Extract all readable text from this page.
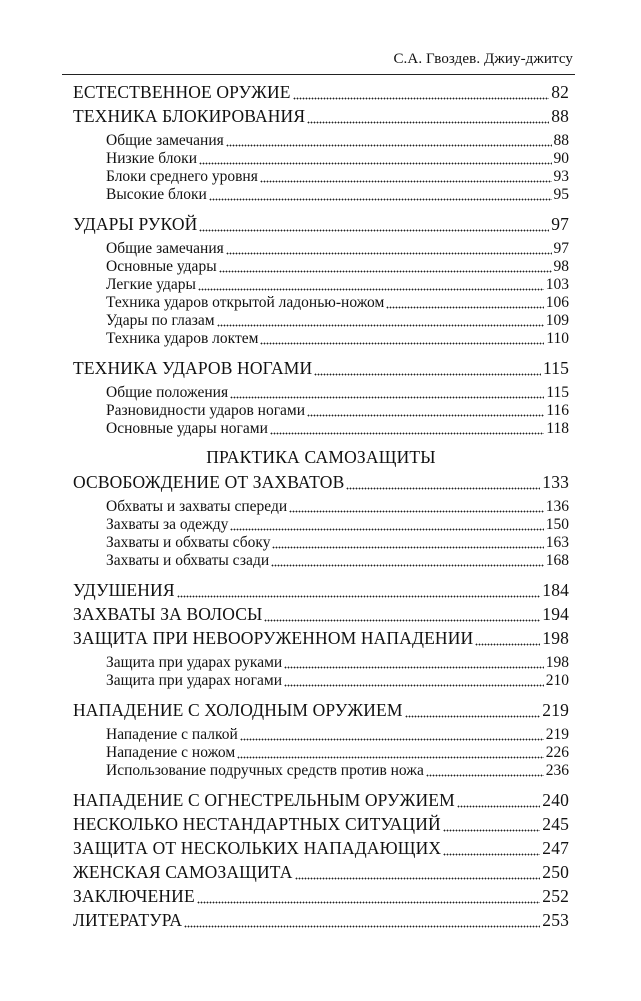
С.А. Гвоздев. Джиу-джитсу
ЕСТЕСТВЕННОЕ ОРУЖИЕ	82
ТЕХНИКА БЛОКИРОВАНИЯ	88
Общие замечания	88
Низкие блоки	90
Блоки среднего уровня	93
Высокие блоки	95
УДАРЫ РУКОЙ	97
Общие замечания	97
Основные удары	98
Легкие удары	103
Техника ударов открытой ладонью-ножом	106
Удары по глазам	109
Техника ударов локтем	110
ТЕХНИКА УДАРОВ НОГАМИ	115
Общие положения	115
Разновидности ударов ногами	116
Основные удары ногами	118
ПРАКТИКА САМОЗАЩИТЫ
ОСВОБОЖДЕНИЕ ОТ ЗАХВАТОВ	133
Обхваты и захваты спереди	136
Захваты за одежду	150
Захваты и обхваты сбоку	163
Захваты и обхваты сзади	168
УДУШЕНИЯ	184
ЗАХВАТЫ ЗА ВОЛОСЫ	194
ЗАЩИТА ПРИ НЕВООРУЖЕННОМ НАПАДЕНИИ	198
Защита при ударах руками	198
Защита при ударах ногами	210
НАПАДЕНИЕ С ХОЛОДНЫМ ОРУЖИЕМ	219
Нападение с палкой	219
Нападение с ножом	226
Использование подручных средств против ножа	236
НАПАДЕНИЕ С ОГНЕСТРЕЛЬНЫМ ОРУЖИЕМ	240
НЕСКОЛЬКО НЕСТАНДАРТНЫХ СИТУАЦИЙ	245
ЗАЩИТА ОТ НЕСКОЛЬКИХ НАПАДАЮЩИХ	247
ЖЕНСКАЯ САМОЗАЩИТА	250
ЗАКЛЮЧЕНИЕ	252
ЛИТЕРАТУРА	253
